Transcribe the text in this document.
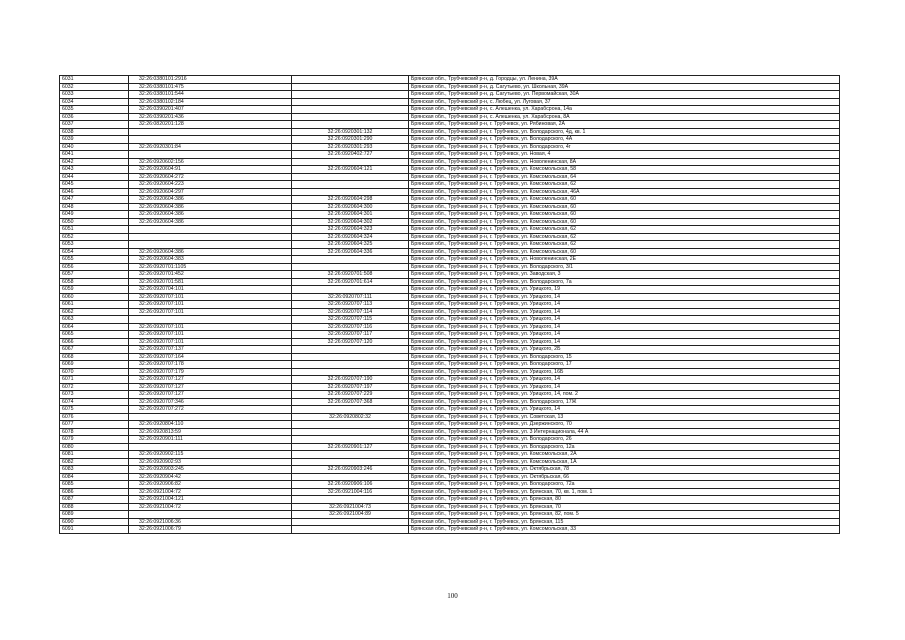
6031	32:26:0380101:2916		Брянская обл., Трубчевский р-н, д. Городцы, ул. Ленина, 39А
6032	32:26:0380101:475		Брянская обл., Трубчевский р-н, д. Сагутьево, ул. Школьная, 39А
6033	32:26:0380101:544		Брянская обл., Трубчевский р-н, д. Сагутьево, ул. Первомайская, 30А
6034	32:26:0380102:184		Брянская обл., Трубчевский р-н, с. Любец, ул. Луговая, 37
6035	32:26:0390201:407		Брянская обл., Трубчевский р-н, с. Алешенка, ул. Харабсрона, 14а
6036	32:26:0390201:436		Брянская обл., Трубчевский р-н, с. Алешенка, ул. Харабсрона, 8А
6037	32:26:0820201:128		Брянская обл., Трубчевский р-н, г. Трубчевск, ул. Рябиновая, 2А
6038		32:26:0920301:132	Брянская обл., Трубчевский р-н, г. Трубчевск, ул. Володарского, 4д, кв. 1
6039		32:26:0920301:290	Брянская обл., Трубчевский р-н, г. Трубчевск, ул. Володарского, 4А
6040	32:26:0920301:84	32:26:0920301:293	Брянская обл., Трубчевский р-н, г. Трубчевск, ул. Володарского, 4г
6041		32:26:0920402:727	Брянская обл., Трубчевский р-н, г. Трубчевск, ул. Новая, 4
6042	32:26:0920602:156		Брянская обл., Трубчевский р-н, г. Трубчевск, ул. Новоленинская, 8А
6043	32:26:0920604:91	32:26:0920604:121	Брянская обл., Трубчевский р-н, г. Трубчевск, ул. Комсомольская, 58
6044	32:26:0920604:272		Брянская обл., Трубчевский р-н, г. Трубчевск, ул. Комсомольская, 64
6045	32:26:0920604:223		Брянская обл., Трубчевский р-н, г. Трубчевск, ул. Комсомольская, 62
6046	32:26:0920604:297		Брянская обл., Трубчевский р-н, г. Трубчевск, ул. Комсомольская, 46А
6047	32:26:0920604:386	32:26:0920604:298	Брянская обл., Трубчевский р-н, г. Трубчевск, ул. Комсомольская, 60
6048	32:26:0920604:386	32:26:0920604:300	Брянская обл., Трубчевский р-н, г. Трубчевск, ул. Комсомольская, 60
6049	32:26:0920604:386	32:26:0920604:301	Брянская обл., Трубчевский р-н, г. Трубчевск, ул. Комсомольская, 60
6050	32:26:0920604:386	32:26:0920604:302	Брянская обл., Трубчевский р-н, г. Трубчевск, ул. Комсомольская, 60
6051		32:26:0920604:323	Брянская обл., Трубчевский р-н, г. Трубчевск, ул. Комсомольская, 62
6052		32:26:0920604:324	Брянская обл., Трубчевский р-н, г. Трубчевск, ул. Комсомольская, 62
6053		32:26:0920604:325	Брянская обл., Трубчевский р-н, г. Трубчевск, ул. Комсомольская, 62
6054	32:26:0920604:386	32:26:0920604:336	Брянская обл., Трубчевский р-н, г. Трубчевск, ул. Комсомольская, 60
6055	32:26:0920604:383		Брянская обл., Трубчевский р-н, г. Трубчевск, ул. Новоленинская, 2Е
6056	32:26:0920701:1105		Брянская обл., Трубчевский р-н, г. Трубчевск, ул. Володарского, 3/1
6057	32:26:0920701:452	32:26:0920701:508	Брянская обл., Трубчевский р-н, г. Трубчевск, ул. Заводская, 3
6058	32:26:0920701:581	32:26:0920701:614	Брянская обл., Трубчевский р-н, г. Трубчевск, ул. Володарского, 7а
6059	32:26:0920704:101		Брянская обл., Трубчевский р-н, г. Трубчевск, ул. Урицкого, 19
6060	32:26:0920707:101	32:26:0920707:111	Брянская обл., Трубчевский р-н, г. Трубчевск, ул. Урицкого, 14
6061	32:26:0920707:101	32:26:0920707:113	Брянская обл., Трубчевский р-н, г. Трубчевск, ул. Урицкого, 14
6062	32:26:0920707:101	32:26:0920707:114	Брянская обл., Трубчевский р-н, г. Трубчевск, ул. Урицкого, 14
6063		32:26:0920707:115	Брянская обл., Трубчевский р-н, г. Трубчевск, ул. Урицкого, 14
6064	32:26:0920707:101	32:26:0920707:116	Брянская обл., Трубчевский р-н, г. Трубчевск, ул. Урицкого, 14
6065	32:26:0920707:101	32:26:0920707:117	Брянская обл., Трубчевский р-н, г. Трубчевск, ул. Урицкого, 14
6066	32:26:0920707:101	32:26:0920707:120	Брянская обл., Трубчевский р-н, г. Трубчевск, ул. Урицкого, 14
6067	32:26:0920707:137		Брянская обл., Трубчевский р-н, г. Трубчевск, ул. Урицкого, 2Б
6068	32:26:0920707:164		Брянская обл., Трубчевский р-н, г. Трубчевск, ул. Володарского, 15
6069	32:26:0920707:178		Брянская обл., Трубчевский р-н, г. Трубчевск, ул. Володарского, 17
6070	32:26:0920707:179		Брянская обл., Трубчевский р-н, г. Трубчевск, ул. Урицкого, 16Б
6071	32:26:0920707:127	32:26:0920707:190	Брянская обл., Трубчевский р-н, г. Трубчевск, ул. Урицкого, 14
6072	32:26:0920707:127	32:26:0920707:197	Брянская обл., Трубчевский р-н, г. Трубчевск, ул. Урицкого, 14
6073	32:26:0920707:127	32:26:0920707:229	Брянская обл., Трубчевский р-н, г. Трубчевск, ул. Урицкого, 14, пом. 2
6074	32:26:0920707:346	32:26:0920707:368	Брянская обл., Трубчевский р-н, г. Трубчевск, ул. Володарского, 17Ж
6075	32:26:0920707:272		Брянская обл., Трубчевский р-н, г. Трубчевск, ул. Урицкого, 14
6076		32:26:0920802:32	Брянская обл., Трубчевский р-н, г. Трубчевск, ул. Советская, 13
6077	32:26:0920804:110		Брянская обл., Трубчевский р-н, г. Трубчевск, ул. Дзержинского, 70
6078	32:26:0920813:59		Брянская обл., Трубчевский р-н, г. Трубчевск, ул. 3 Интернационала, 44 А
6079	32:26:0920901:111		Брянская обл., Трубчевский р-н, г. Трубчевск, ул. Володарского, 26
6080		32:26:0920901:127	Брянская обл., Трубчевский р-н, г. Трубчевск, ул. Володарского, 12а
6081	32:26:0920902:115		Брянская обл., Трубчевский р-н, г. Трубчевск, ул. Комсомольская, 2А
6082	32:26:0920902:93		Брянская обл., Трубчевский р-н, г. Трубчевск, ул. Комсомольская, 1А
6083	32:26:0920903:245	32:26:0920903:246	Брянская обл., Трубчевский р-н, г. Трубчевск, ул. Октябрьская, 78
6084	32:26:0920904:42		Брянская обл., Трубчевский р-н, г. Трубчевск, ул. Октябрьская, 66
6085	32:26:0920906:82	32:26:0920906:106	Брянская обл., Трубчевский р-н, г. Трубчевск, ул. Володарского, 72а
6086	32:26:0921004:72	32:26:0921004:116	Брянская обл., Трубчевский р-н, г. Трубчевск, ул. Брянская, 70, кв. 1, пом. 1
6087	32:26:0921004:121		Брянская обл., Трубчевский р-н, г. Трубчевск, ул. Брянская, 80
6088	32:26:0921004:72	32:26:0921004:73	Брянская обл., Трубчевский р-н, г. Трубчевск, ул. Брянская, 70
6089		32:26:0921004:89	Брянская обл., Трубчевский р-н, г. Трубчевск, ул. Брянская, 82, пом. 5
6090	32:26:0921006:36		Брянская обл., Трубчевский р-н, г. Трубчевск, ул. Брянская, 115
6091	32:26:0921006:79		Брянская обл., Трубчевский р-н, г. Трубчевск, ул. Комсомольская, 33
100
